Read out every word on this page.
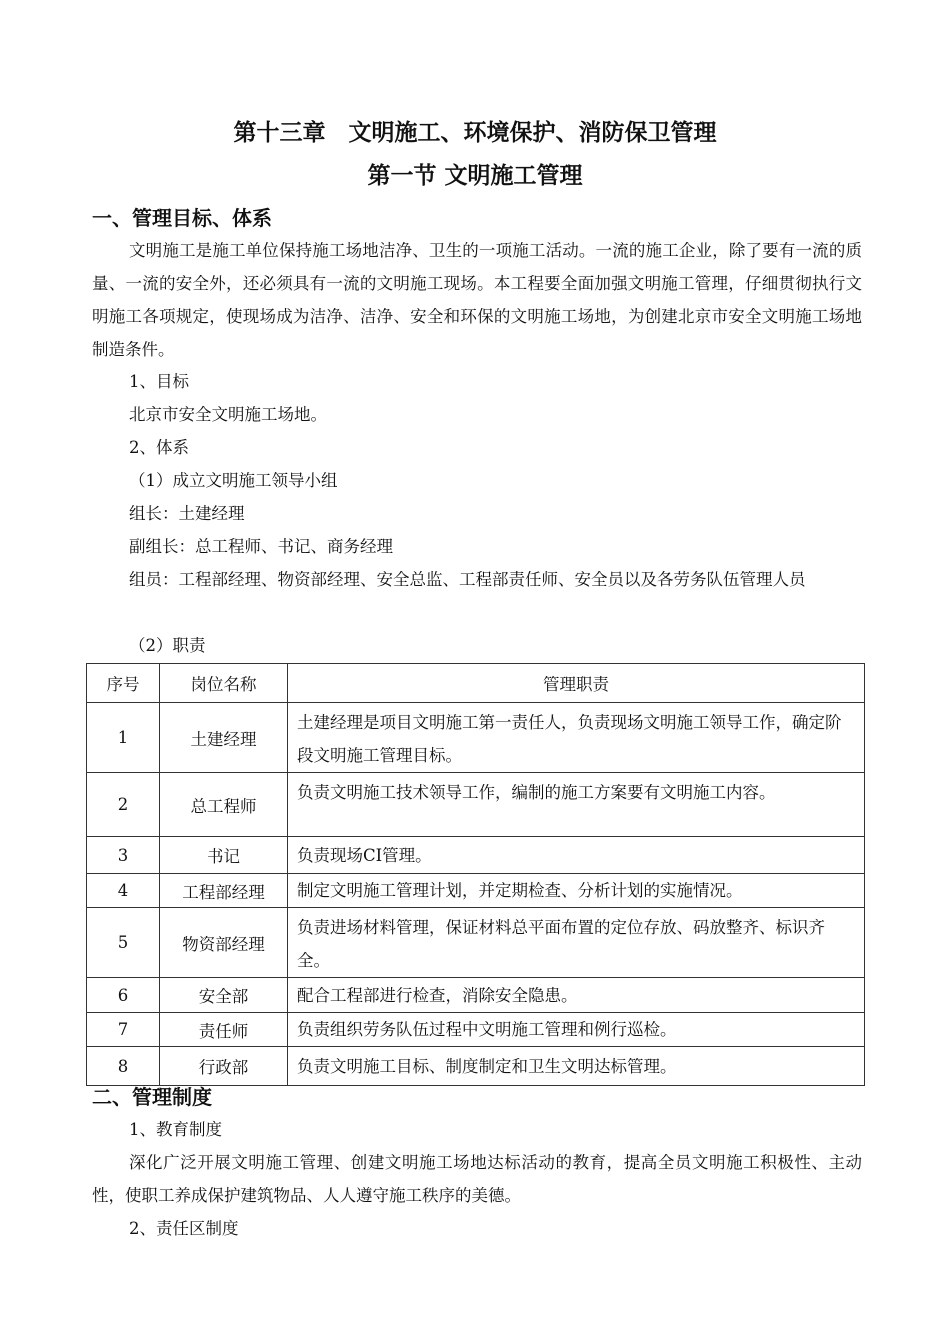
第十三章　文明施工、环境保护、消防保卫管理
第一节 文明施工管理
一、管理目标、体系

文明施工是施工单位保持施工场地洁净、卫生的一项施工活动。一流的施工企业，除了要有一流的质量、一流的安全外，还必须具有一流的文明施工现场。本工程要全面加强文明施工管理，仔细贯彻执行文明施工各项规定，使现场成为洁净、洁净、安全和环保的文明施工场地，为创建北京市安全文明施工场地制造条件。

1、目标
北京市安全文明施工场地。
2、体系
（1）成立文明施工领导小组
组长：土建经理
副组长：总工程师、书记、商务经理

组员：工程部经理、物资部经理、安全总监、工程部责任师、安全员以及各劳务队伍管理人员

（2）职责
序号	岗位名称	管理职责
1	土建经理	土建经理是项目文明施工第一责任人，负责现场文明施工领导工作，确定阶段文明施工管理目标。
2	总工程师	负责文明施工技术领导工作，编制的施工方案要有文明施工内容。
3	书记	负责现场CI管理。
4	工程部经理	制定文明施工管理计划，并定期检查、分析计划的实施情况。
5	物资部经理	负责进场材料管理，保证材料总平面布置的定位存放、码放整齐、标识齐全。
6	安全部	配合工程部进行检查，消除安全隐患。
7	责任师	负责组织劳务队伍过程中文明施工管理和例行巡检。
8	行政部	负责文明施工目标、制度制定和卫生文明达标管理。
二、管理制度
1、教育制度

深化广泛开展文明施工管理、创建文明施工场地达标活动的教育，提高全员文明施工积极性、主动性，使职工养成保护建筑物品、人人遵守施工秩序的美德。

2、责任区制度
